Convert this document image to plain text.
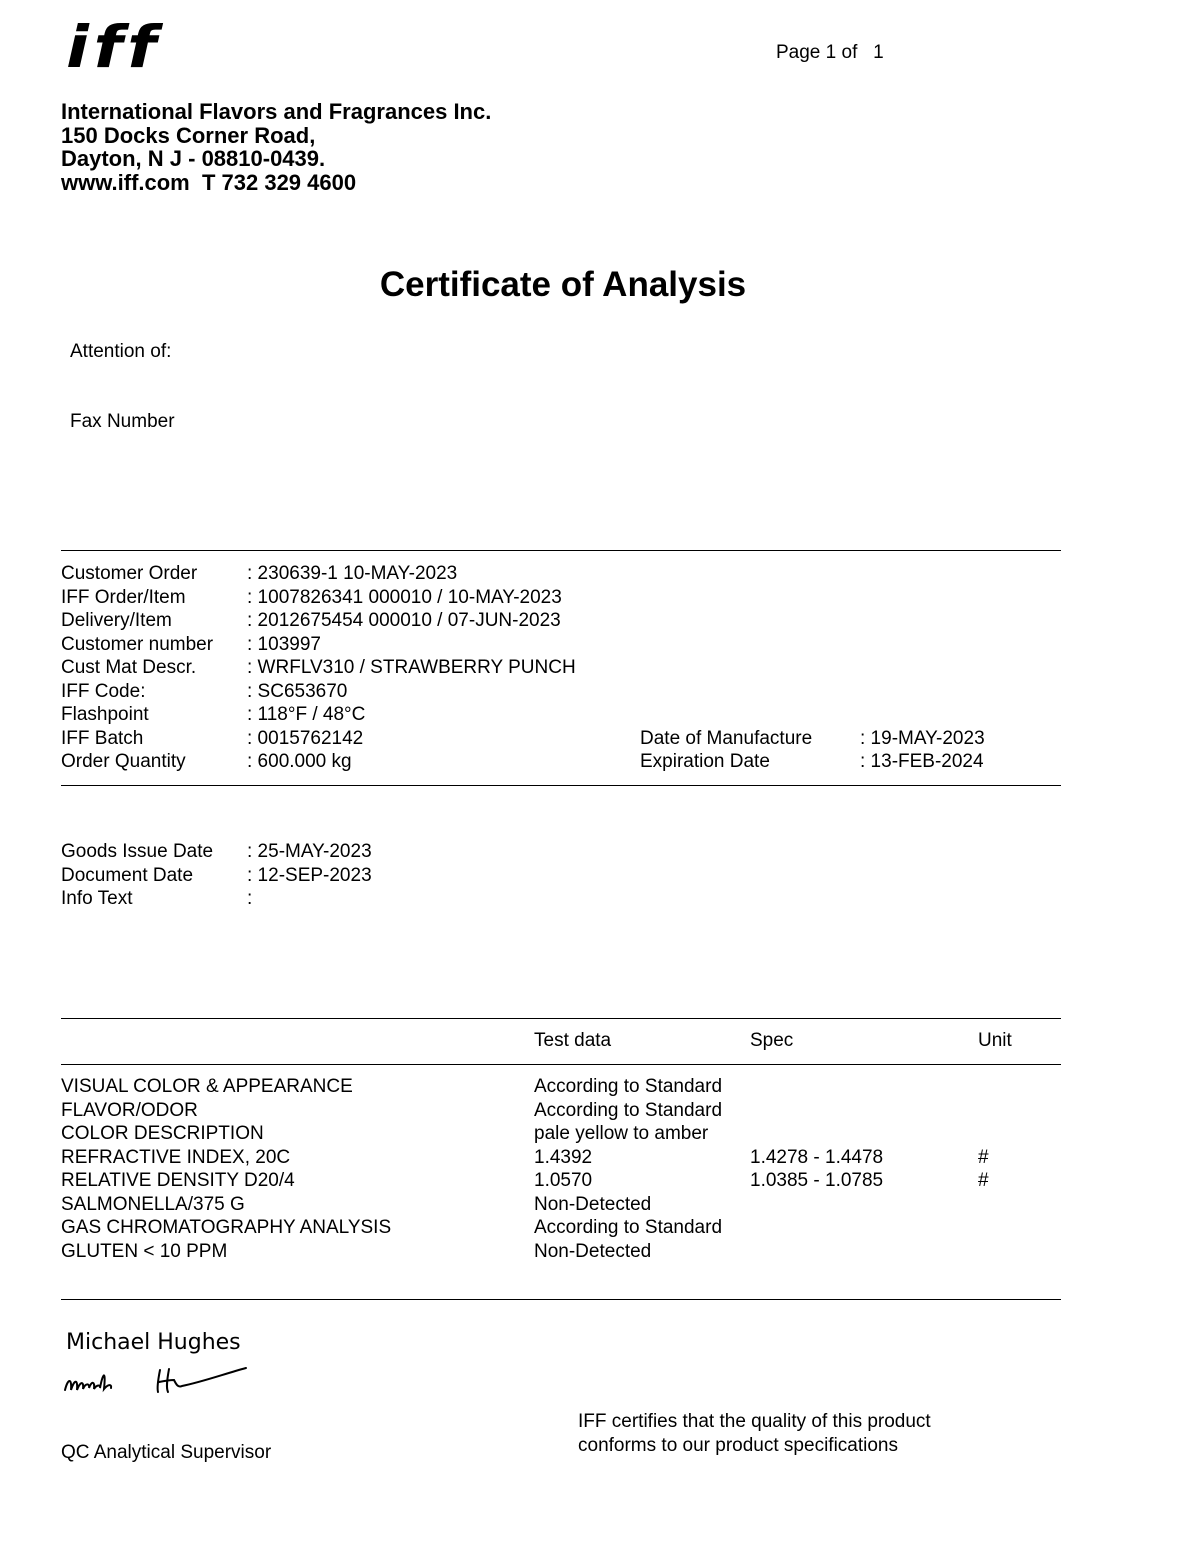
iff	Page 1 of   1
International Flavors and Fragrances Inc.
150 Docks Corner Road,
Dayton, N J - 08810-0439.
www.iff.com  T 732 329 4600
Certificate of Analysis
Attention of:
Fax Number
Customer Order	: 230639-1 10-MAY-2023
IFF Order/Item	: 1007826341 000010 / 10-MAY-2023
Delivery/Item	: 2012675454 000010 / 07-JUN-2023
Customer number : 103997
Cust Mat Descr.	: WRFLV310 / STRAWBERRY PUNCH
IFF Code:	: SC653670
Flashpoint	: 118°F / 48°C
IFF Batch	: 0015762142	Date of Manufacture	: 19-MAY-2023
Order Quantity	: 600.000 kg	Expiration Date	: 13-FEB-2024
Goods Issue Date : 25-MAY-2023
Document Date	: 12-SEP-2023
Info Text	:
Test data	Spec	Unit
VISUAL COLOR & APPEARANCE	According to Standard
FLAVOR/ODOR	According to Standard
COLOR DESCRIPTION	pale yellow to amber
REFRACTIVE INDEX, 20C	1.4392	1.4278 - 1.4478	#
RELATIVE DENSITY D20/4	1.0570	1.0385 - 1.0785	#
SALMONELLA/375 G	Non-Detected
GAS CHROMATOGRAPHY ANALYSIS	According to Standard
GLUTEN < 10 PPM	Non-Detected
Michael Hughes
QC Analytical Supervisor
IFF certifies that the quality of this product
conforms to our product specifications
